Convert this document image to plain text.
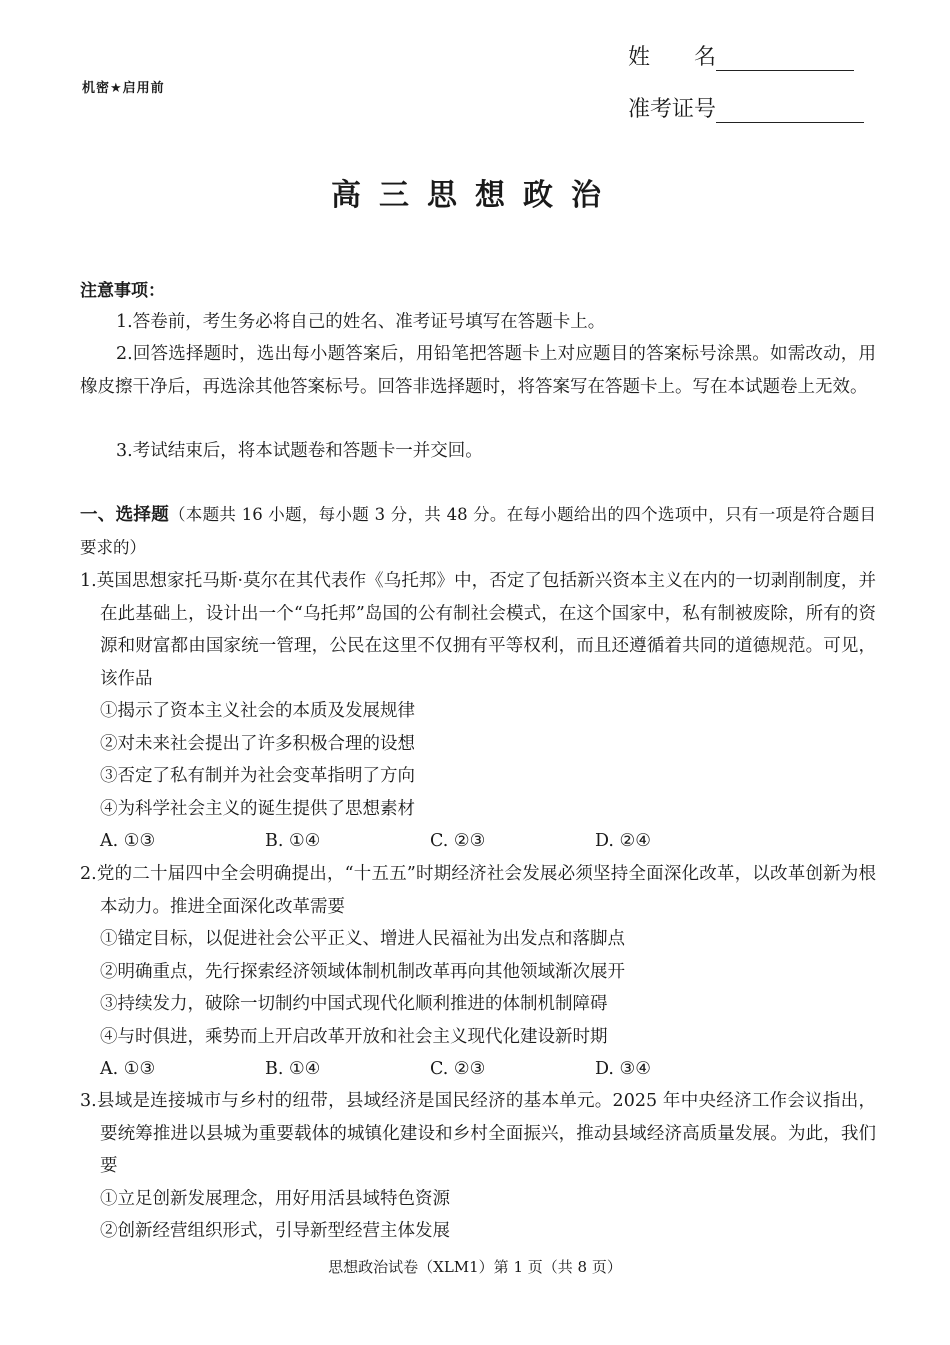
机密★启用前
姓　　名
准考证号
高三思想政治
注意事项：
1.答卷前，考生务必将自己的姓名、准考证号填写在答题卡上。
2.回答选择题时，选出每小题答案后，用铅笔把答题卡上对应题目的答案标号涂黑。如需改动，用橡皮擦干净后，再选涂其他答案标号。回答非选择题时，将答案写在答题卡上。写在本试题卷上无效。
3.考试结束后，将本试题卷和答题卡一并交回。
一、选择题（本题共 16 小题，每小题 3 分，共 48 分。在每小题给出的四个选项中，只有一项是符合题目要求的）
1.英国思想家托马斯·莫尔在其代表作《乌托邦》中，否定了包括新兴资本主义在内的一切剥削制度，并在此基础上，设计出一个“乌托邦”岛国的公有制社会模式，在这个国家中，私有制被废除，所有的资源和财富都由国家统一管理，公民在这里不仅拥有平等权利，而且还遵循着共同的道德规范。可见，该作品
①揭示了资本主义社会的本质及发展规律
②对未来社会提出了许多积极合理的设想
③否定了私有制并为社会变革指明了方向
④为科学社会主义的诞生提供了思想素材
A. ①③	B. ①④	C. ②③	D. ②④
2.党的二十届四中全会明确提出，“十五五”时期经济社会发展必须坚持全面深化改革，以改革创新为根本动力。推进全面深化改革需要
①锚定目标，以促进社会公平正义、增进人民福祉为出发点和落脚点
②明确重点，先行探索经济领域体制机制改革再向其他领域渐次展开
③持续发力，破除一切制约中国式现代化顺利推进的体制机制障碍
④与时俱进，乘势而上开启改革开放和社会主义现代化建设新时期
A. ①③	B. ①④	C. ②③	D. ③④
3.县域是连接城市与乡村的纽带，县域经济是国民经济的基本单元。2025 年中央经济工作会议指出，要统筹推进以县城为重要载体的城镇化建设和乡村全面振兴，推动县域经济高质量发展。为此，我们要
①立足创新发展理念，用好用活县域特色资源
②创新经营组织形式，引导新型经营主体发展
思想政治试卷（XLM1）第 1 页（共 8 页）
